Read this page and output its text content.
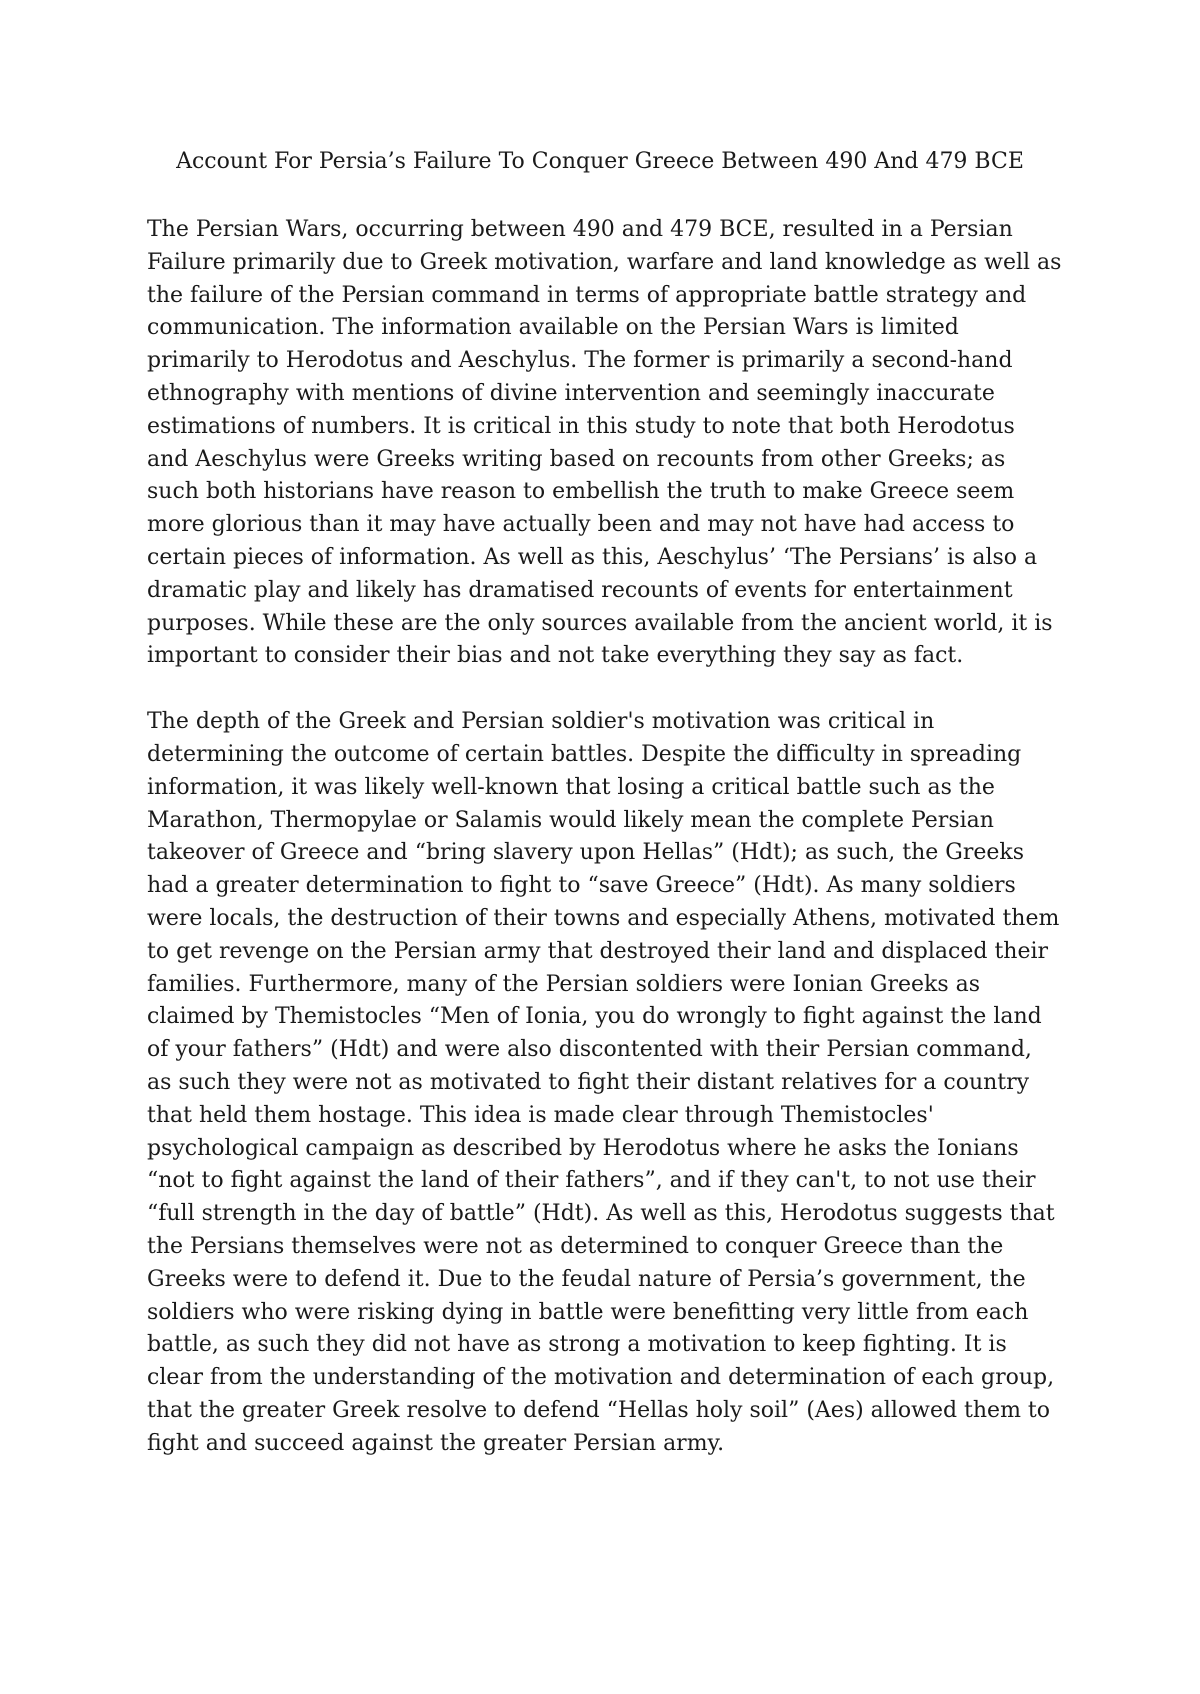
Account For Persia’s Failure To Conquer Greece Between 490 And 479 BCE

The Persian Wars, occurring between 490 and 479 BCE, resulted in a Persian Failure primarily due to Greek motivation, warfare and land knowledge as well as the failure of the Persian command in terms of appropriate battle strategy and communication. The information available on the Persian Wars is limited primarily to Herodotus and Aeschylus. The former is primarily a second-hand ethnography with mentions of divine intervention and seemingly inaccurate estimations of numbers. It is critical in this study to note that both Herodotus and Aeschylus were Greeks writing based on recounts from other Greeks; as such both historians have reason to embellish the truth to make Greece seem more glorious than it may have actually been and may not have had access to certain pieces of information. As well as this, Aeschylus’ ‘The Persians’ is also a dramatic play and likely has dramatised recounts of events for entertainment purposes. While these are the only sources available from the ancient world, it is important to consider their bias and not take everything they say as fact.

The depth of the Greek and Persian soldier's motivation was critical in determining the outcome of certain battles. Despite the difficulty in spreading information, it was likely well-known that losing a critical battle such as the Marathon, Thermopylae or Salamis would likely mean the complete Persian takeover of Greece and “bring slavery upon Hellas” (Hdt); as such, the Greeks had a greater determination to fight to “save Greece” (Hdt). As many soldiers were locals, the destruction of their towns and especially Athens, motivated them to get revenge on the Persian army that destroyed their land and displaced their families. Furthermore, many of the Persian soldiers were Ionian Greeks as claimed by Themistocles “Men of Ionia, you do wrongly to fight against the land of your fathers” (Hdt) and were also discontented with their Persian command, as such they were not as motivated to fight their distant relatives for a country that held them hostage. This idea is made clear through Themistocles' psychological campaign as described by Herodotus where he asks the Ionians “not to fight against the land of their fathers”, and if they can't, to not use their “full strength in the day of battle” (Hdt). As well as this, Herodotus suggests that the Persians themselves were not as determined to conquer Greece than the Greeks were to defend it. Due to the feudal nature of Persia’s government, the soldiers who were risking dying in battle were benefitting very little from each battle, as such they did not have as strong a motivation to keep fighting. It is clear from the understanding of the motivation and determination of each group, that the greater Greek resolve to defend “Hellas holy soil” (Aes) allowed them to fight and succeed against the greater Persian army.
